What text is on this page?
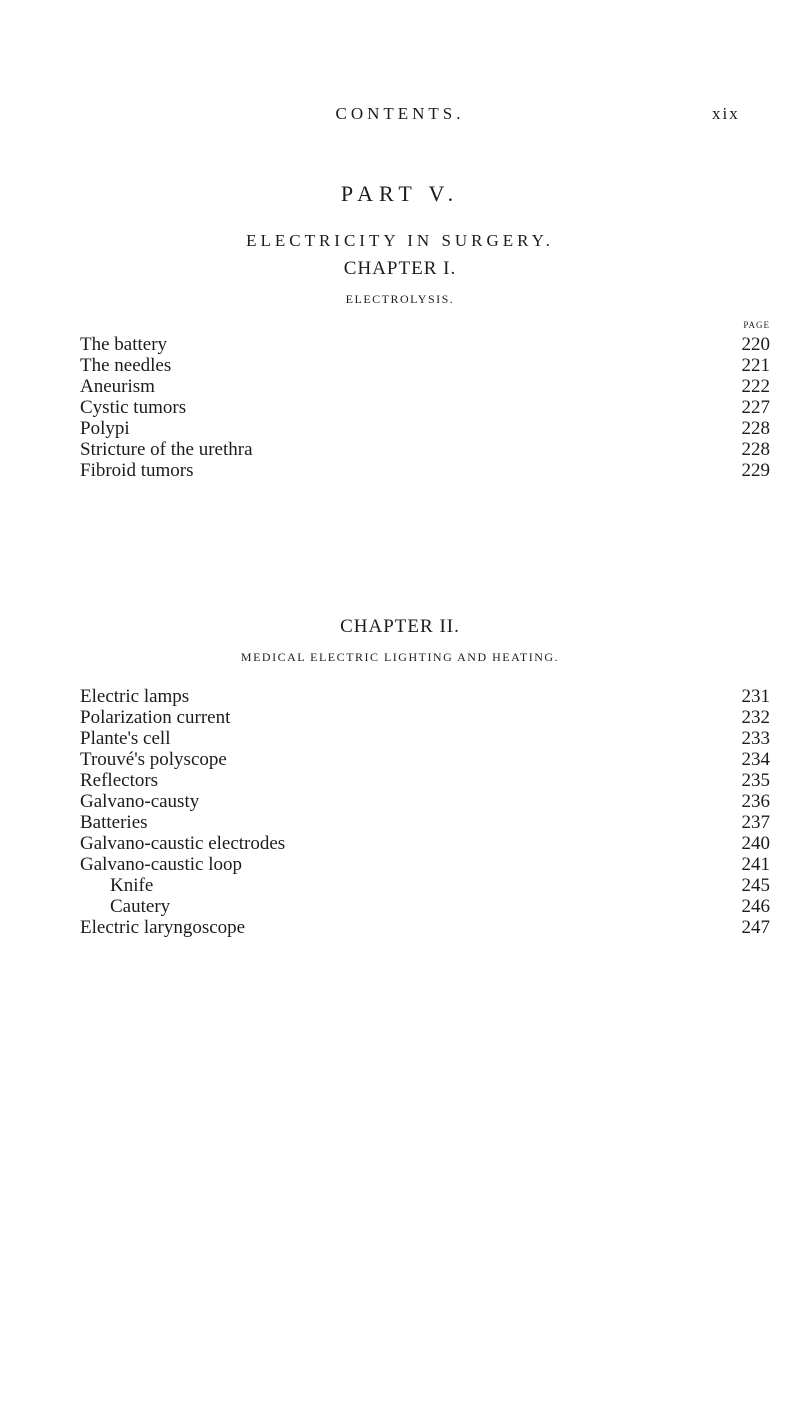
CONTENTS.	xix
PART V.
ELECTRICITY IN SURGERY.
CHAPTER I.
ELECTROLYSIS.
PAGE
The battery	220
The needles	221
Aneurism	222
Cystic tumors	227
Polypi	228
Stricture of the urethra	228
Fibroid tumors	229
CHAPTER II.
MEDICAL ELECTRIC LIGHTING AND HEATING.
Electric lamps	231
Polarization current	232
Plante's cell	233
Trouvé's polyscope	234
Reflectors	235
Galvano-causty	236
Batteries	237
Galvano-caustic electrodes	240
Galvano-caustic loop	241
Knife	245
Cautery	246
Electric laryngoscope	247
